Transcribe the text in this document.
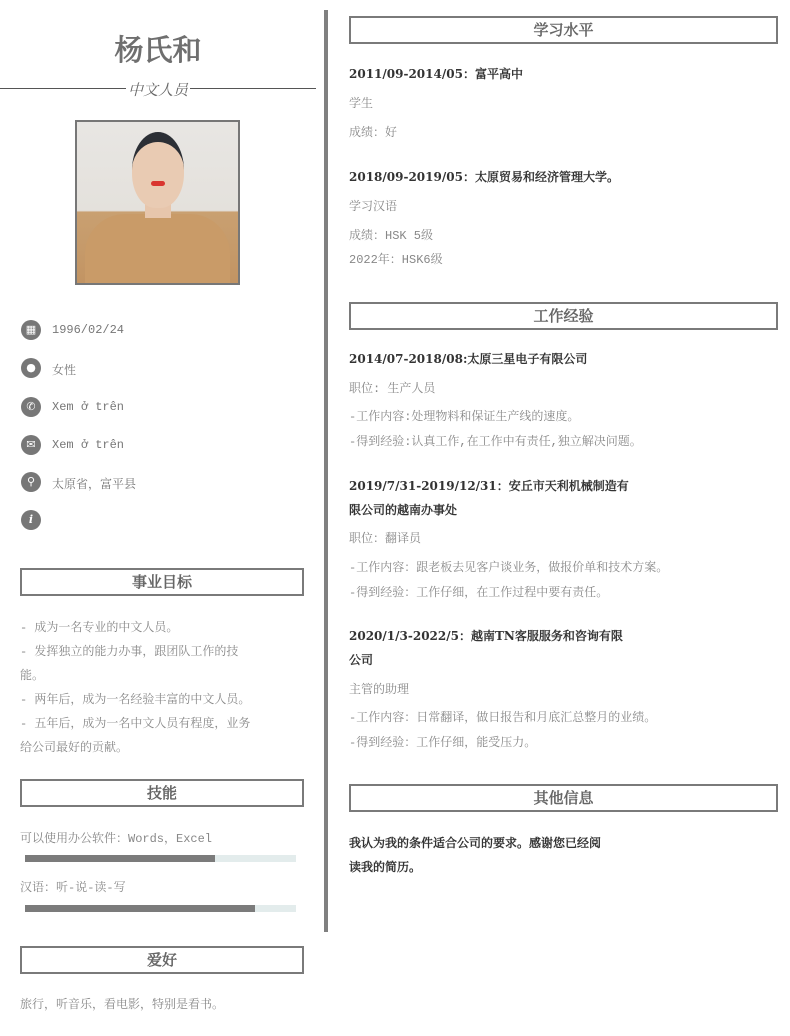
杨氏和
中文人员
▦	1996/02/24
●	女性
✆	Xem ở trên
✉	Xem ở trên
⚲	太原省，富平县
i
事业目标
- 成为一名专业的中文人员。
- 发挥独立的能力办事，跟团队工作的技
能。
- 两年后，成为一名经验丰富的中文人员。
- 五年后，成为一名中文人员有程度，业务
给公司最好的贡献。
技能
可以使用办公软件：Words，Excel
汉语：听-说-读-写
爱好
旅行，听音乐，看电影，特别是看书。
学习水平
2011/09-2014/05：富平高中
学生
成绩：好
2018/09-2019/05：太原贸易和经济管理大学。
学习汉语
成绩：HSK 5级
2022年：HSK6级
工作经验
2014/07-2018/08:太原三星电子有限公司
职位: 生产人员
-工作内容:处理物料和保证生产线的速度。
-得到经验:认真工作,在工作中有责任,独立解决问题。
2019/7/31-2019/12/31：安丘市天利机械制造有
限公司的越南办事处
职位：翻译员
-工作内容：跟老板去见客户谈业务，做报价单和技术方案。
-得到经验：工作仔细，在工作过程中要有责任。
2020/1/3-2022/5：越南TN客服服务和咨询有限
公司
主管的助理
-工作内容：日常翻译，做日报告和月底汇总整月的业绩。
-得到经验：工作仔细，能受压力。
其他信息
我认为我的条件适合公司的要求。感谢您已经阅
读我的简历。
